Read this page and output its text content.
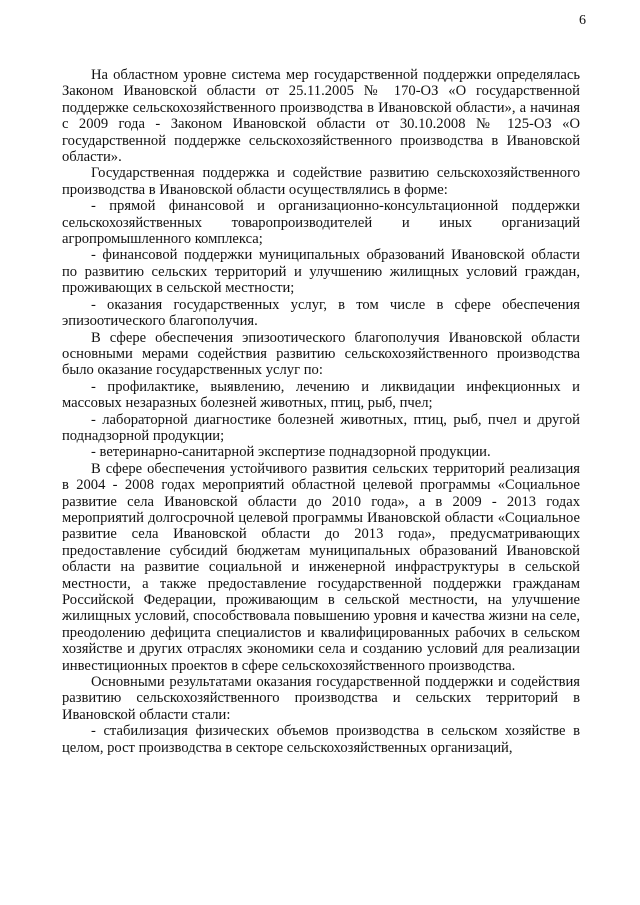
6

На областном уровне система мер государственной поддержки определялась Законом Ивановской области от 25.11.2005 № 170-ОЗ «О государственной поддержке сельскохозяйственного производства в Ивановской области», а начиная с 2009 года - Законом Ивановской области от 30.10.2008 № 125-ОЗ «О государственной поддержке сельскохозяйственного производства в Ивановской области».

Государственная поддержка и содействие развитию сельскохозяйственного производства в Ивановской области осуществлялись в форме:

- прямой финансовой и организационно-консультационной поддержки сельскохозяйственных товаропроизводителей и иных организаций агропромышленного комплекса;

- финансовой поддержки муниципальных образований Ивановской области по развитию сельских территорий и улучшению жилищных условий граждан, проживающих в сельской местности;

- оказания государственных услуг, в том числе в сфере обеспечения эпизоотического благополучия.

В сфере обеспечения эпизоотического благополучия Ивановской области основными мерами содействия развитию сельскохозяйственного производства было оказание государственных услуг по:

- профилактике, выявлению, лечению и ликвидации инфекционных и массовых незаразных болезней животных, птиц, рыб, пчел;

- лабораторной диагностике болезней животных, птиц, рыб, пчел и другой поднадзорной продукции;

- ветеринарно-санитарной экспертизе поднадзорной продукции.

В сфере обеспечения устойчивого развития сельских территорий реализация в 2004 - 2008 годах мероприятий областной целевой программы «Социальное развитие села Ивановской области до 2010 года», а в 2009 - 2013 годах мероприятий долгосрочной целевой программы Ивановской области «Социальное развитие села Ивановской области до 2013 года», предусматривающих предоставление субсидий бюджетам муниципальных образований Ивановской области на развитие социальной и инженерной инфраструктуры в сельской местности, а также предоставление государственной поддержки гражданам Российской Федерации, проживающим в сельской местности, на улучшение жилищных условий, способствовала повышению уровня и качества жизни на селе, преодолению дефицита специалистов и квалифицированных рабочих в сельском хозяйстве и других отраслях экономики села и созданию условий для реализации инвестиционных проектов в сфере сельскохозяйственного производства.

Основными результатами оказания государственной поддержки и содействия развитию сельскохозяйственного производства и сельских территорий в Ивановской области стали:

- стабилизация физических объемов производства в сельском хозяйстве в целом, рост производства в секторе сельскохозяйственных организаций,
